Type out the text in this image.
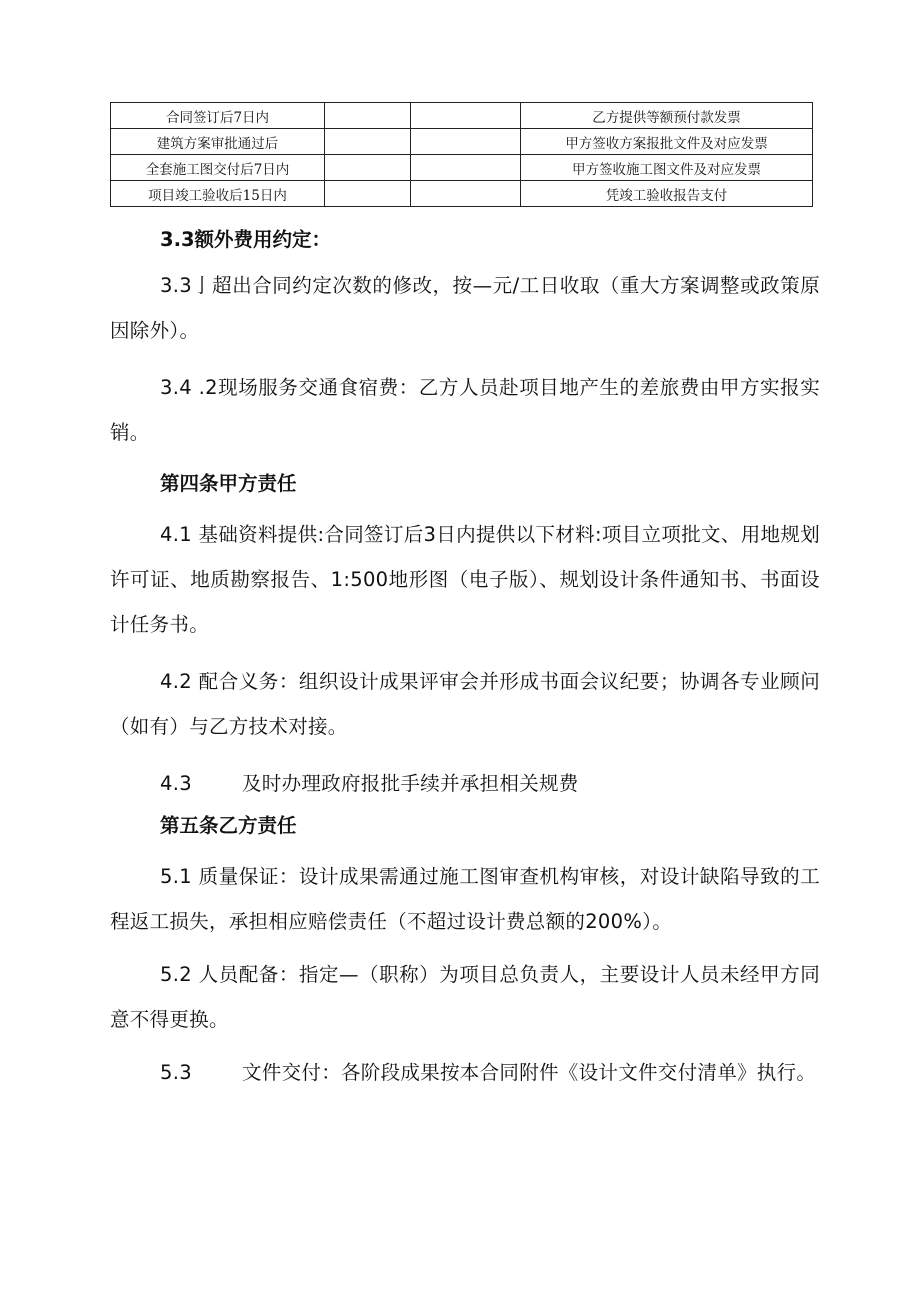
合同签订后7日内			乙方提供等额预付款发票
建筑方案审批通过后			甲方签收方案报批文件及对应发票
全套施工图交付后7日内			甲方签收施工图文件及对应发票
项目竣工验收后15日内			凭竣工验收报告支付

3.3额外费用约定：

3.3亅超出合同约定次数的修改，按—元/工日收取（重大方案调整或政策原因除外）。

3.4 .2现场服务交通食宿费：乙方人员赴项目地产生的差旅费由甲方实报实销。

第四条甲方责任

4.1 基础资料提供:合同签订后3日内提供以下材料:项目立项批文、用地规划许可证、地质勘察报告、1:500地形图（电子版）、规划设计条件通知书、书面设计任务书。

4.2 配合义务：组织设计成果评审会并形成书面会议纪要；协调各专业顾问（如有）与乙方技术对接。

4.3	及时办理政府报批手续并承担相关规费

第五条乙方责任

5.1 质量保证：设计成果需通过施工图审查机构审核，对设计缺陷导致的工程返工损失，承担相应赔偿责任（不超过设计费总额的200%）。

5.2 人员配备：指定—（职称）为项目总负责人，主要设计人员未经甲方同意不得更换。

5.3	文件交付：各阶段成果按本合同附件《设计文件交付清单》执行。
